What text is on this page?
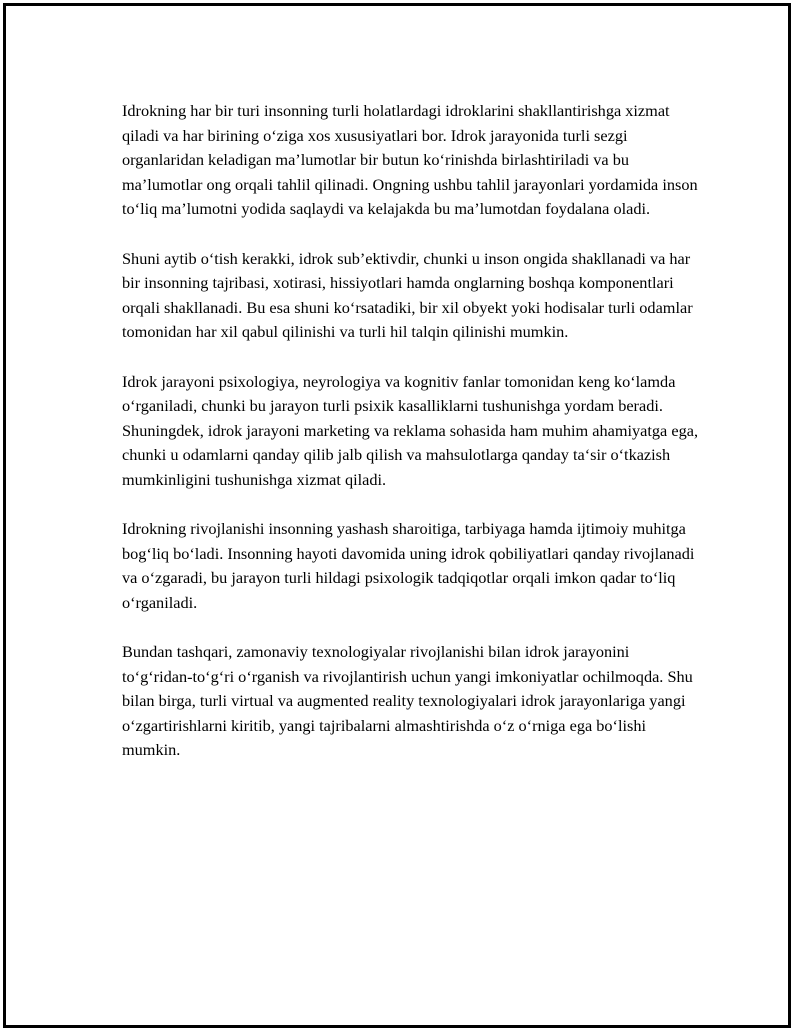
Idrokning har bir turi insonning turli holatlardagi idroklarini shakllantirishga xizmat qiladi va har birining o‘ziga xos xususiyatlari bor. Idrok jarayonida turli sezgi organlaridan keladigan ma’lumotlar bir butun ko‘rinishda birlashtiriladi va bu ma’lumotlar ong orqali tahlil qilinadi. Ongning ushbu tahlil jarayonlari yordamida inson to‘liq ma’lumotni yodida saqlaydi va kelajakda bu ma’lumotdan foydalana oladi.

Shuni aytib o‘tish kerakki, idrok sub’ektivdir, chunki u inson ongida shakllanadi va har bir insonning tajribasi, xotirasi, hissiyotlari hamda onglarning boshqa komponentlari orqali shakllanadi. Bu esa shuni ko‘rsatadiki, bir xil obyekt yoki hodisalar turli odamlar tomonidan har xil qabul qilinishi va turli hil talqin qilinishi mumkin.

Idrok jarayoni psixologiya, neyrologiya va kognitiv fanlar tomonidan keng ko‘lamda o‘rganiladi, chunki bu jarayon turli psixik kasalliklarni tushunishga yordam beradi. Shuningdek, idrok jarayoni marketing va reklama sohasida ham muhim ahamiyatga ega, chunki u odamlarni qanday qilib jalb qilish va mahsulotlarga qanday ta‘sir o‘tkazish mumkinligini tushunishga xizmat qiladi.

Idrokning rivojlanishi insonning yashash sharoitiga, tarbiyaga hamda ijtimoiy muhitga bog‘liq bo‘ladi. Insonning hayoti davomida uning idrok qobiliyatlari qanday rivojlanadi va o‘zgaradi, bu jarayon turli hildagi psixologik tadqiqotlar orqali imkon qadar to‘liq o‘rganiladi.

Bundan tashqari, zamonaviy texnologiyalar rivojlanishi bilan idrok jarayonini to‘g‘ridan-to‘g‘ri o‘rganish va rivojlantirish uchun yangi imkoniyatlar ochilmoqda. Shu bilan birga, turli virtual va augmented reality texnologiyalari idrok jarayonlariga yangi o‘zgartirishlarni kiritib, yangi tajribalarni almashtirishda o‘z o‘rniga ega bo‘lishi mumkin.
